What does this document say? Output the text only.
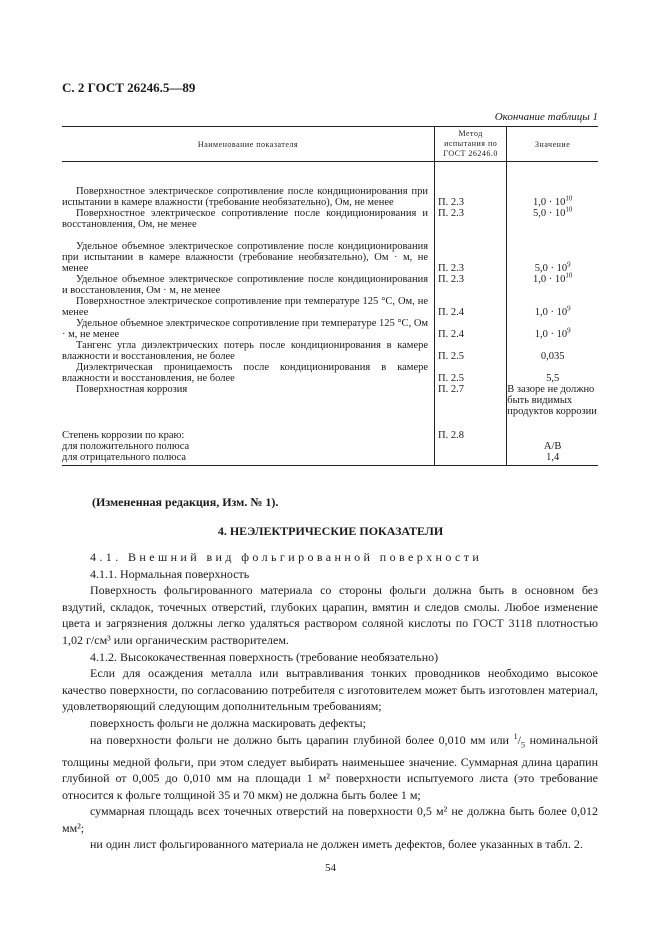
С. 2 ГОСТ 26246.5—89
Окончание таблицы 1
Наименование показателя	Метод испытания по ГОСТ 26246.0	Значение
Поверхностное электрическое сопротивление после кондиционирования при испытании в камере влажности (требование необязательно), Ом, не менее	П. 2.3	$1,0 \cdot 10^{10}$
Поверхностное электрическое сопротивление после кондиционирования и восстановления, Ом, не менее	П. 2.3	$5,0 \cdot 10^{10}$
Удельное объемное электрическое сопротивление после кондиционирования при испытании в камере влажности (требование необязательно), Ом · м, не менее	П. 2.3	$5,0 \cdot 10^9$
Удельное объемное электрическое сопротивление после кондиционирования и восстановления, Ом · м, не менее	П. 2.3	$1,0 \cdot 10^{10}$
Поверхностное электрическое сопротивление при температуре 125 °С, Ом, не менее	П. 2.4	$1,0 \cdot 10^9$
Удельное объемное электрическое сопротивление при температуре 125 °С, Ом · м, не менее	П. 2.4	$1,0 \cdot 10^9$
Тангенс угла диэлектрических потерь после кондиционирования в камере влажности и восстановления, не более	П. 2.5	0,035
Диэлектрическая проницаемость после кондиционирования в камере влажности и восстановления, не более	П. 2.5	5,5
Поверхностная коррозия	П. 2.7	В зазоре не должно быть видимых продуктов коррозии
Степень коррозии по краю:	П. 2.8	
для положительного полюса		А/В
для отрицательного полюса		1,4
(Измененная редакция, Изм. № 1).
4. НЕЭЛЕКТРИЧЕСКИЕ ПОКАЗАТЕЛИ

4.1. Внешний вид фольгированной поверхности

4.1.1. Нормальная поверхность

Поверхность фольгированного материала со стороны фольги должна быть в основном без вздутий, складок, точечных отверстий, глубоких царапин, вмятин и следов смолы. Любое изменение цвета и загрязнения должны легко удаляться раствором соляной кислоты по ГОСТ 3118 плотностью 1,02 г/см³ или органическим растворителем.

4.1.2. Высококачественная поверхность (требование необязательно)

Если для осаждения металла или вытравливания тонких проводников необходимо высокое качество поверхности, по согласованию потребителя с изготовителем может быть изготовлен материал, удовлетворяющий следующим дополнительным требованиям;

поверхность фольги не должна маскировать дефекты;

на поверхности фольги не должно быть царапин глубиной более 0,010 мм или $^1/_5$ номинальной толщины медной фольги, при этом следует выбирать наименьшее значение. Суммарная длина царапин глубиной от 0,005 до 0,010 мм на площади 1 м² поверхности испытуемого листа (это требование относится к фольге толщиной 35 и 70 мкм) не должна быть более 1 м;

суммарная площадь всех точечных отверстий на поверхности 0,5 м² не должна быть более 0,012 мм²;

ни один лист фольгированного материала не должен иметь дефектов, более указанных в табл. 2.

54
